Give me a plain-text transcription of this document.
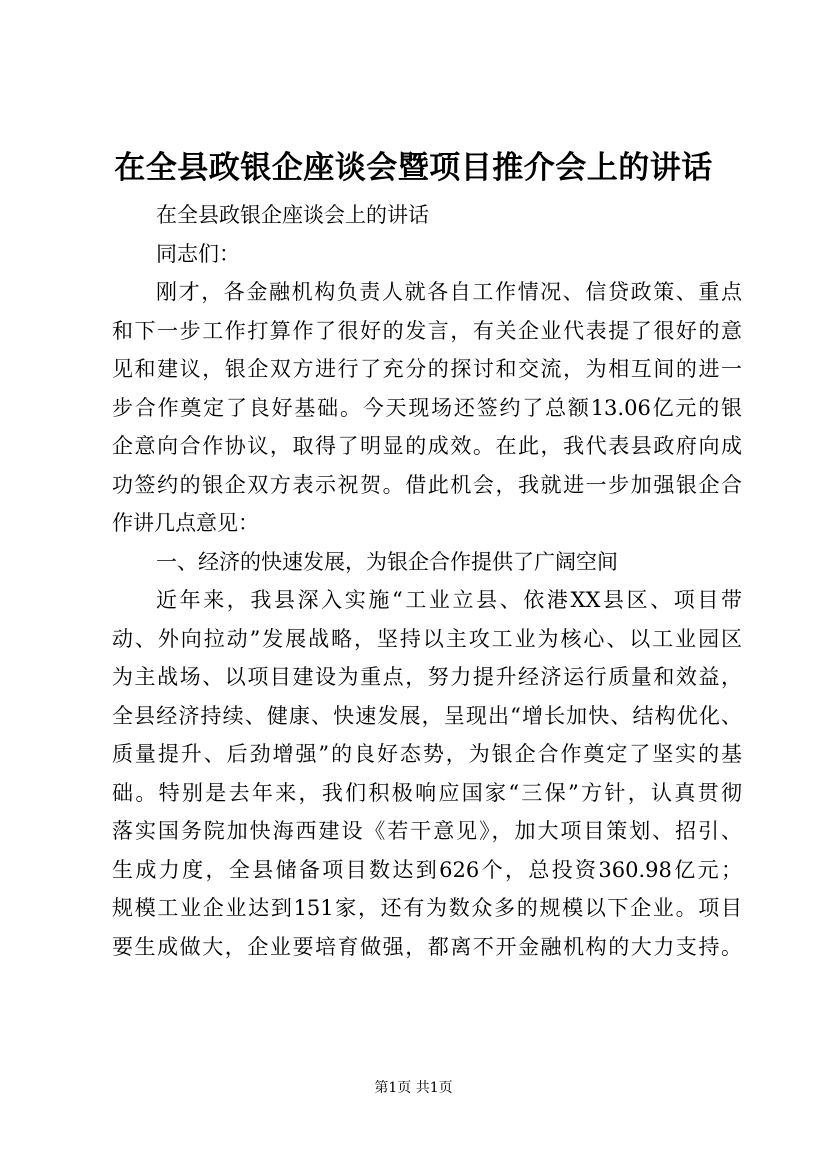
在全县政银企座谈会暨项目推介会上的讲话
在全县政银企座谈会上的讲话
同志们：
刚才，各金融机构负责人就各自工作情况、信贷政策、重点
和下一步工作打算作了很好的发言，有关企业代表提了很好的意
见和建议，银企双方进行了充分的探讨和交流，为相互间的进一
步合作奠定了良好基础。今天现场还签约了总额13.06亿元的银
企意向合作协议，取得了明显的成效。在此，我代表县政府向成
功签约的银企双方表示祝贺。借此机会，我就进一步加强银企合
作讲几点意见：
一、经济的快速发展，为银企合作提供了广阔空间
近年来，我县深入实施“工业立县、依港XX县区、项目带
动、外向拉动”发展战略，坚持以主攻工业为核心、以工业园区
为主战场、以项目建设为重点，努力提升经济运行质量和效益，
全县经济持续、健康、快速发展，呈现出“增长加快、结构优化、
质量提升、后劲增强”的良好态势，为银企合作奠定了坚实的基
础。特别是去年来，我们积极响应国家“三保”方针，认真贯彻
落实国务院加快海西建设《若干意见》，加大项目策划、招引、
生成力度，全县储备项目数达到626个，总投资360.98亿元；
规模工业企业达到151家，还有为数众多的规模以下企业。项目
要生成做大，企业要培育做强，都离不开金融机构的大力支持。
第1页 共1页
